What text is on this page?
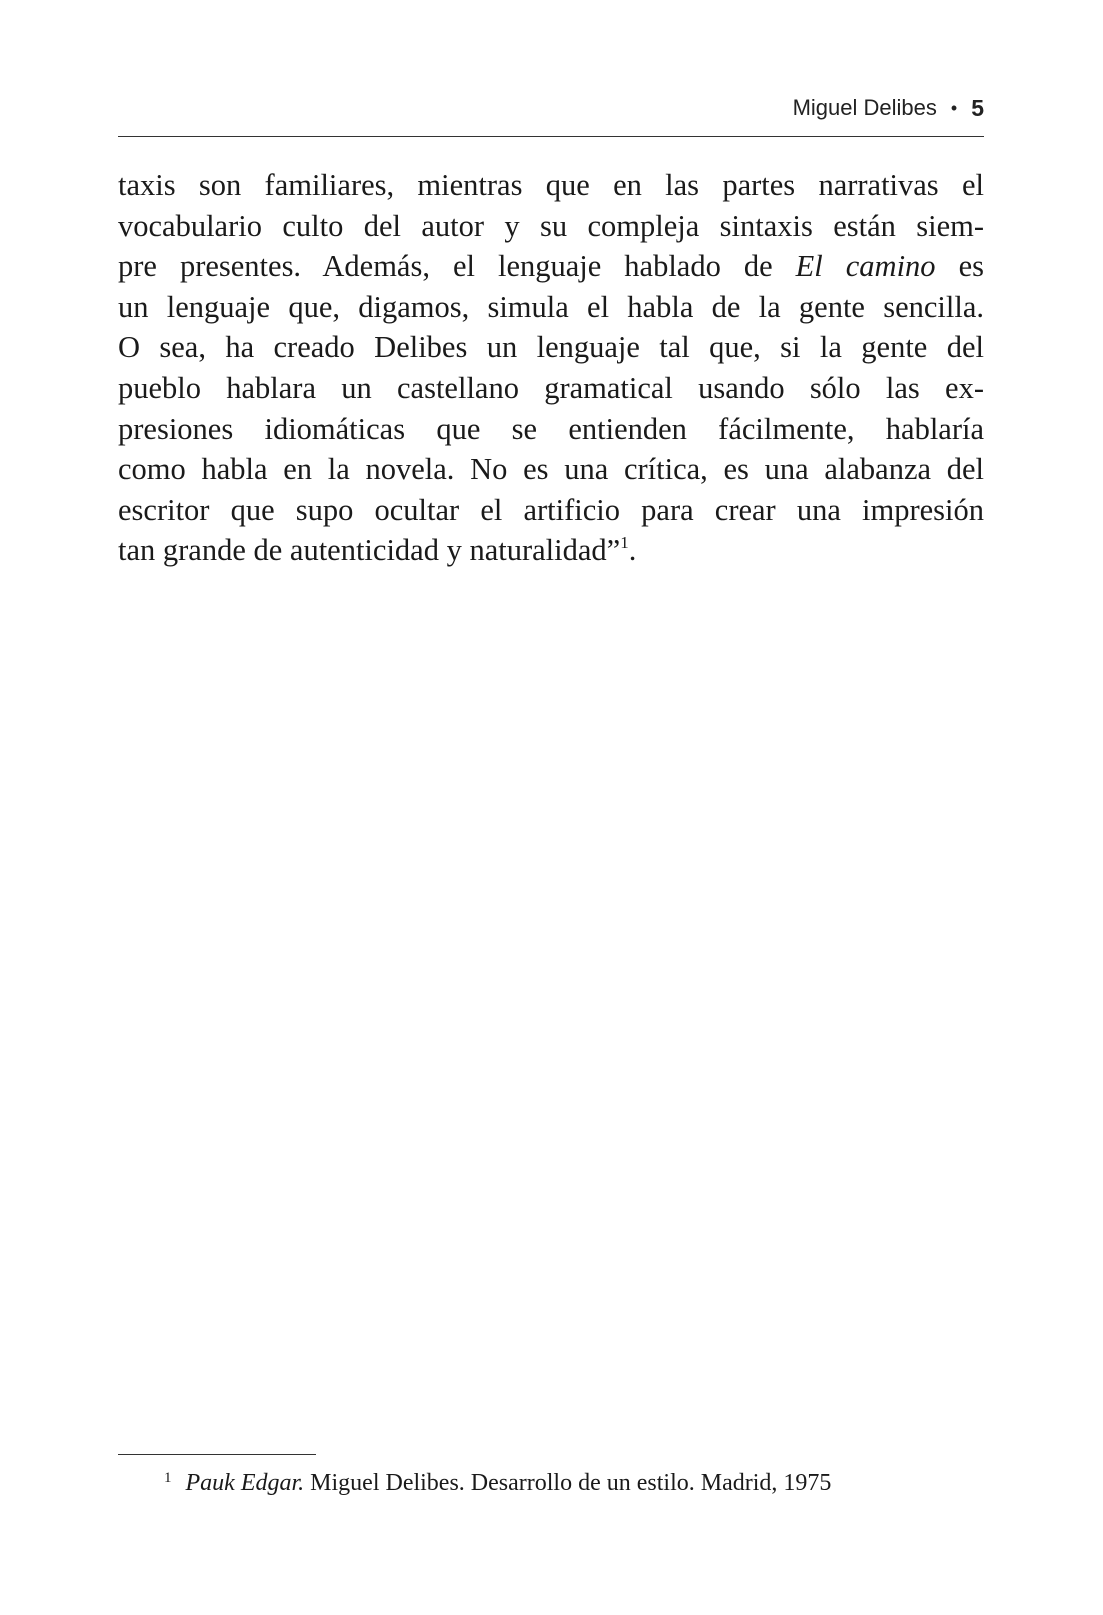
Miguel Delibes • 5
taxis son familiares, mientras que en las partes narrativas el
vocabulario culto del autor y su compleja sintaxis están siem-
pre presentes. Además, el lenguaje hablado de El camino es
un lenguaje que, digamos, simula el habla de la gente sencilla.
O sea, ha creado Delibes un lenguaje tal que, si la gente del
pueblo hablara un castellano gramatical usando sólo las ex-
presiones idiomáticas que se entienden fácilmente, hablaría
como habla en la novela. No es una crítica, es una alabanza del
escritor que supo ocultar el artificio para crear una impresión
tan grande de autenticidad y naturalidad”$^1$.
$^1$ Pauk Edgar. Miguel Delibes. Desarrollo de un estilo. Madrid, 1975
